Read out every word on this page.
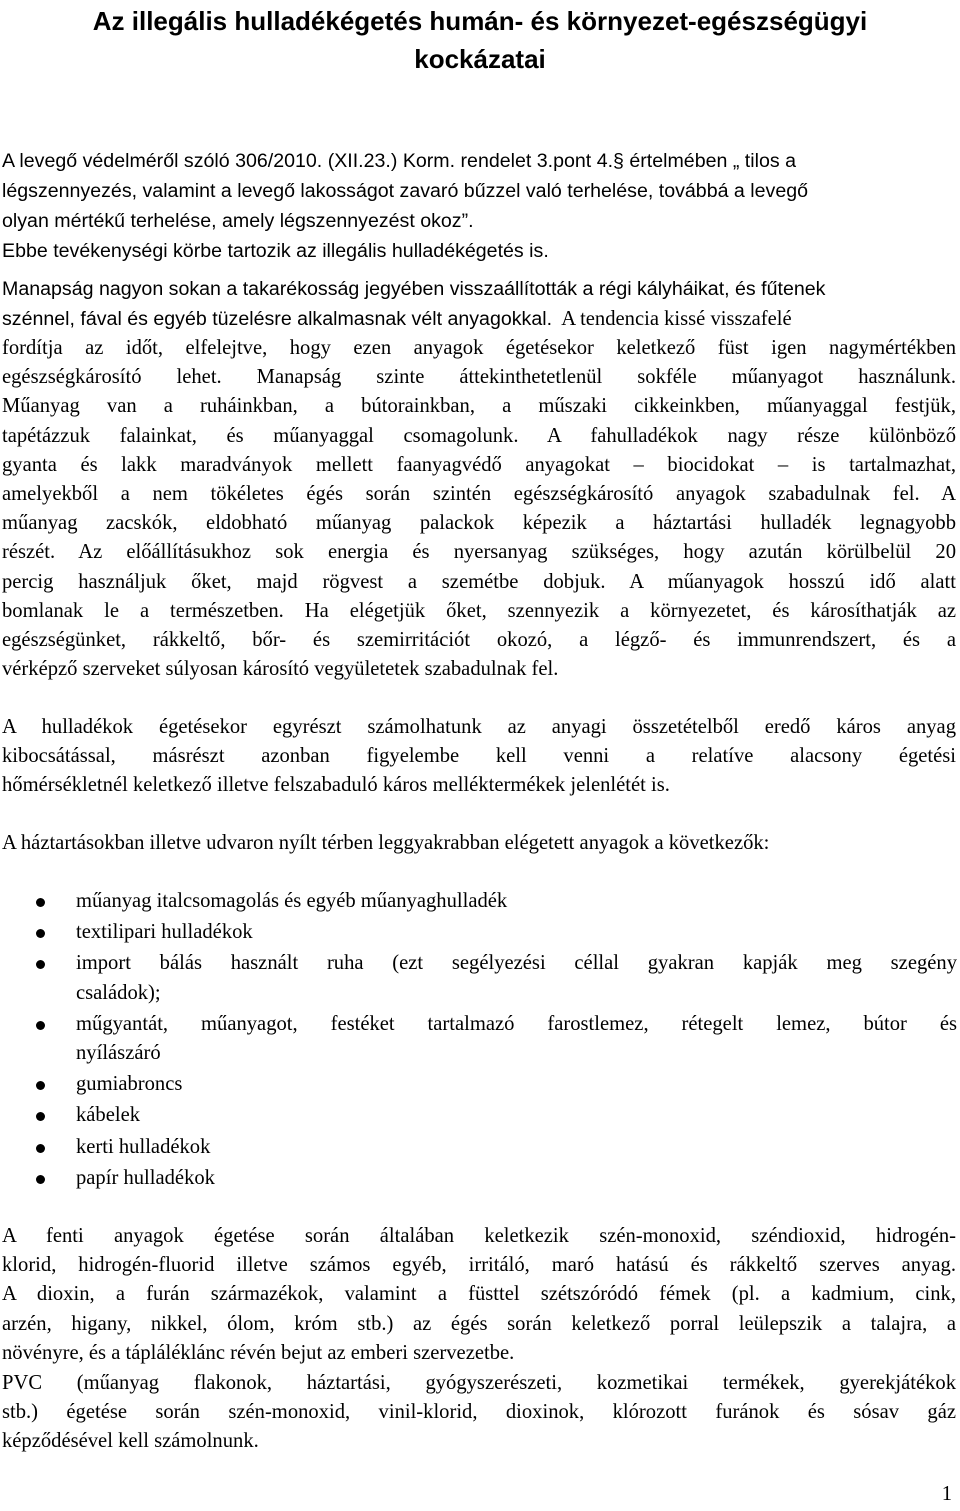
Az illegális hulladékégetés humán- és környezet-egészségügyi
kockázatai
A levegő védelméről szóló 306/2010. (XII.23.) Korm. rendelet 3.pont 4.§ értelmében „ tilos a
légszennyezés, valamint a levegő lakosságot zavaró bűzzel való terhelése, továbbá a levegő
olyan mértékű terhelése, amely légszennyezést okoz”.
Ebbe tevékenységi körbe tartozik az illegális hulladékégetés is.
Manapság nagyon sokan a takarékosság jegyében visszaállították a régi kályháikat, és fűtenek
szénnel, fával és egyéb tüzelésre alkalmasnak vélt anyagokkal. A tendencia kissé visszafelé
fordítja az időt, elfelejtve, hogy ezen anyagok égetésekor keletkező füst igen nagymértékben
egészségkárosító lehet. Manapság szinte áttekinthetetlenül sokféle műanyagot használunk.
Műanyag van a ruháinkban, a bútorainkban, a műszaki cikkeinkben, műanyaggal festjük,
tapétázzuk falainkat, és műanyaggal csomagolunk. A fahulladékok nagy része különböző
gyanta és lakk maradványok mellett faanyagvédő anyagokat – biocidokat – is tartalmazhat,
amelyekből a nem tökéletes égés során szintén egészségkárosító anyagok szabadulnak fel. A
műanyag zacskók, eldobható műanyag palackok képezik a háztartási hulladék legnagyobb
részét. Az előállításukhoz sok energia és nyersanyag szükséges, hogy azután körülbelül 20
percig használjuk őket, majd rögvest a szemétbe dobjuk. A műanyagok hosszú idő alatt
bomlanak le a természetben. Ha elégetjük őket, szennyezik a környezetet, és károsíthatják az
egészségünket, rákkeltő, bőr- és szemirritációt okozó, a légző- és immunrendszert, és a
vérképző szerveket súlyosan károsító vegyületetek szabadulnak fel.
A hulladékok égetésekor egyrészt számolhatunk az anyagi összetételből eredő káros anyag
kibocsátással, másrészt azonban figyelembe kell venni a relatíve alacsony égetési
hőmérsékletnél keletkező illetve felszabaduló káros melléktermékek jelenlétét is.
A háztartásokban illetve udvaron nyílt térben leggyakrabban elégetett anyagok a következők:
műanyag italcsomagolás és egyéb műanyaghulladék
textilipari hulladékok
import bálás használt ruha (ezt segélyezési céllal gyakran kapják meg szegény
családok);
műgyantát, műanyagot, festéket tartalmazó farostlemez, rétegelt lemez, bútor és
nyílászáró
gumiabroncs
kábelek
kerti hulladékok
papír hulladékok
A fenti anyagok égetése során általában keletkezik szén-monoxid, széndioxid, hidrogén-
klorid, hidrogén-fluorid illetve számos egyéb, irritáló, maró hatású és rákkeltő szerves anyag.
A dioxin, a furán származékok, valamint a füsttel szétszóródó fémek (pl. a kadmium, cink,
arzén, higany, nikkel, ólom, króm stb.) az égés során keletkező porral leülepszik a talajra, a
növényre, és a tápláléklánc révén bejut az emberi szervezetbe.
PVC (műanyag flakonok, háztartási, gyógyszerészeti, kozmetikai termékek, gyerekjátékok
stb.) égetése során szén-monoxid, vinil-klorid, dioxinok, klórozott furánok és sósav gáz
képződésével kell számolnunk.
1
